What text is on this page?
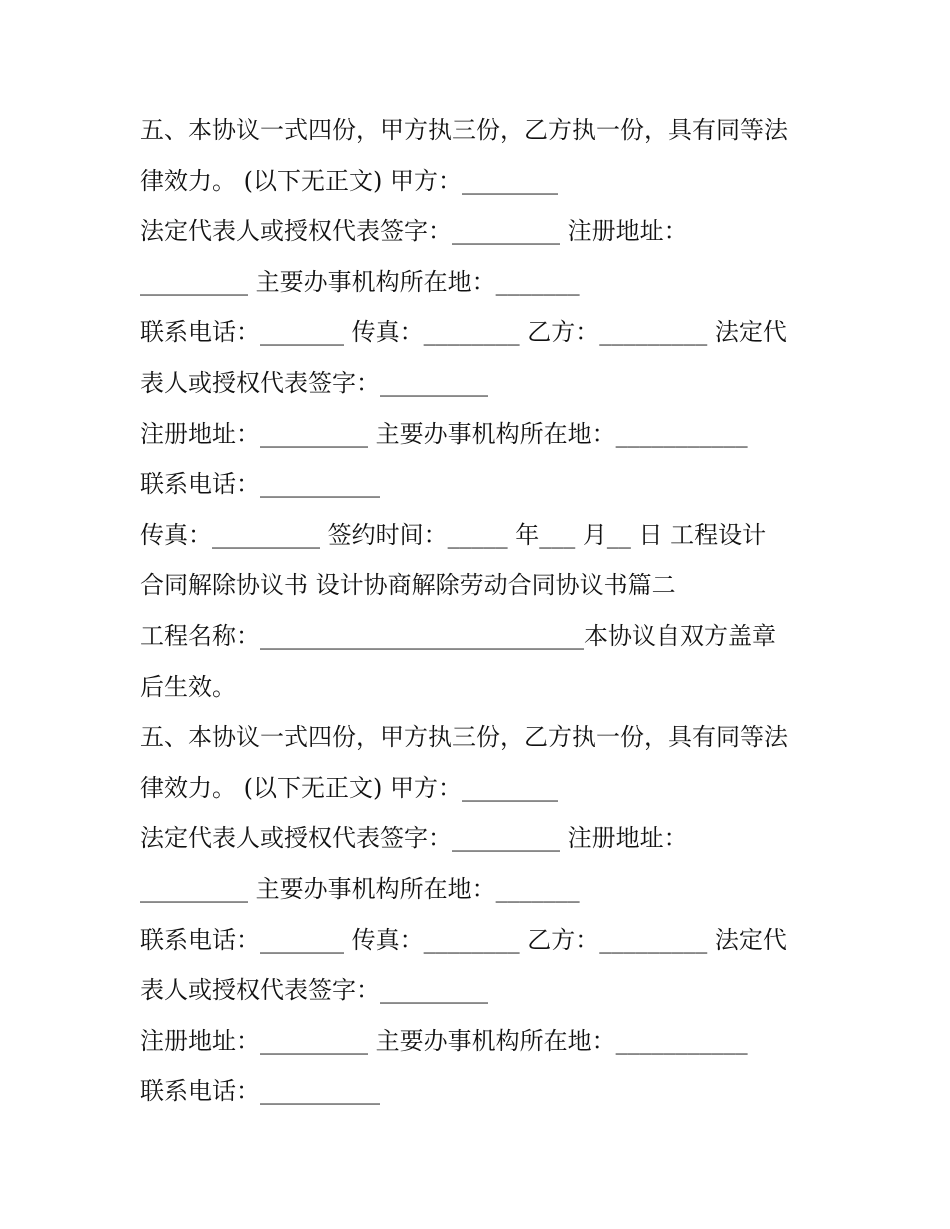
五、本协议一式四份，甲方执三份，乙方执一份，具有同等法
律效力。 (以下无正文) 甲方：________
法定代表人或授权代表签字：_________ 注册地址：
_________ 主要办事机构所在地：_______
联系电话：_______ 传真：________ 乙方：_________ 法定代
表人或授权代表签字：_________
注册地址：_________ 主要办事机构所在地：___________
联系电话：__________
传真：_________ 签约时间：_____ 年___ 月__ 日 工程设计
合同解除协议书 设计协商解除劳动合同协议书篇二
工程名称：___________________________本协议自双方盖章
后生效。
五、本协议一式四份，甲方执三份，乙方执一份，具有同等法
律效力。 (以下无正文) 甲方：________
法定代表人或授权代表签字：_________ 注册地址：
_________ 主要办事机构所在地：_______
联系电话：_______ 传真：________ 乙方：_________ 法定代
表人或授权代表签字：_________
注册地址：_________ 主要办事机构所在地：___________
联系电话：__________
